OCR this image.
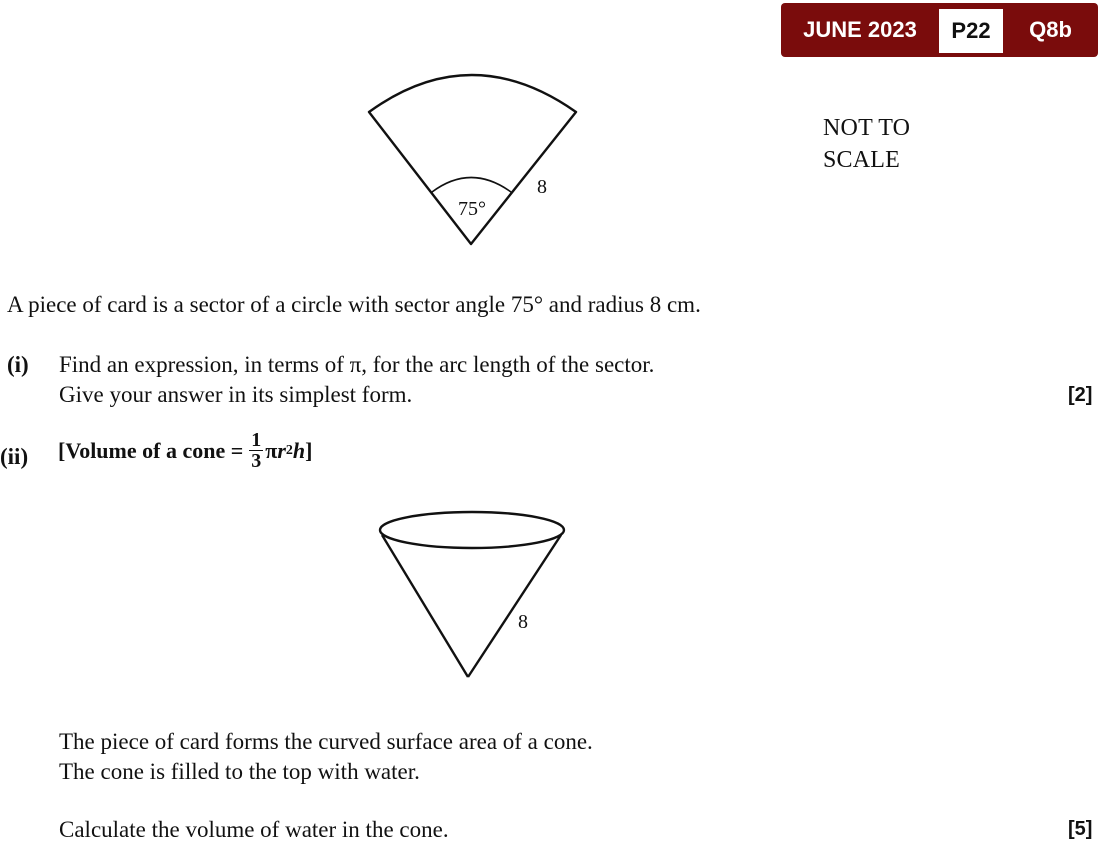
JUNE 2023	P22	Q8b
75°
8
8
NOT TO
SCALE
A piece of card is a sector of a circle with sector angle 75° and radius 8 cm.
(i) Find an expression, in terms of π, for the arc length of the sector.
Give your answer in its simplest form.	[2]
(ii) [Volume of a cone = $\frac{1}{3}$ π r 2 h ]
The piece of card forms the curved surface area of a cone.
The cone is filled to the top with water.
Calculate the volume of water in the cone.	[5]
